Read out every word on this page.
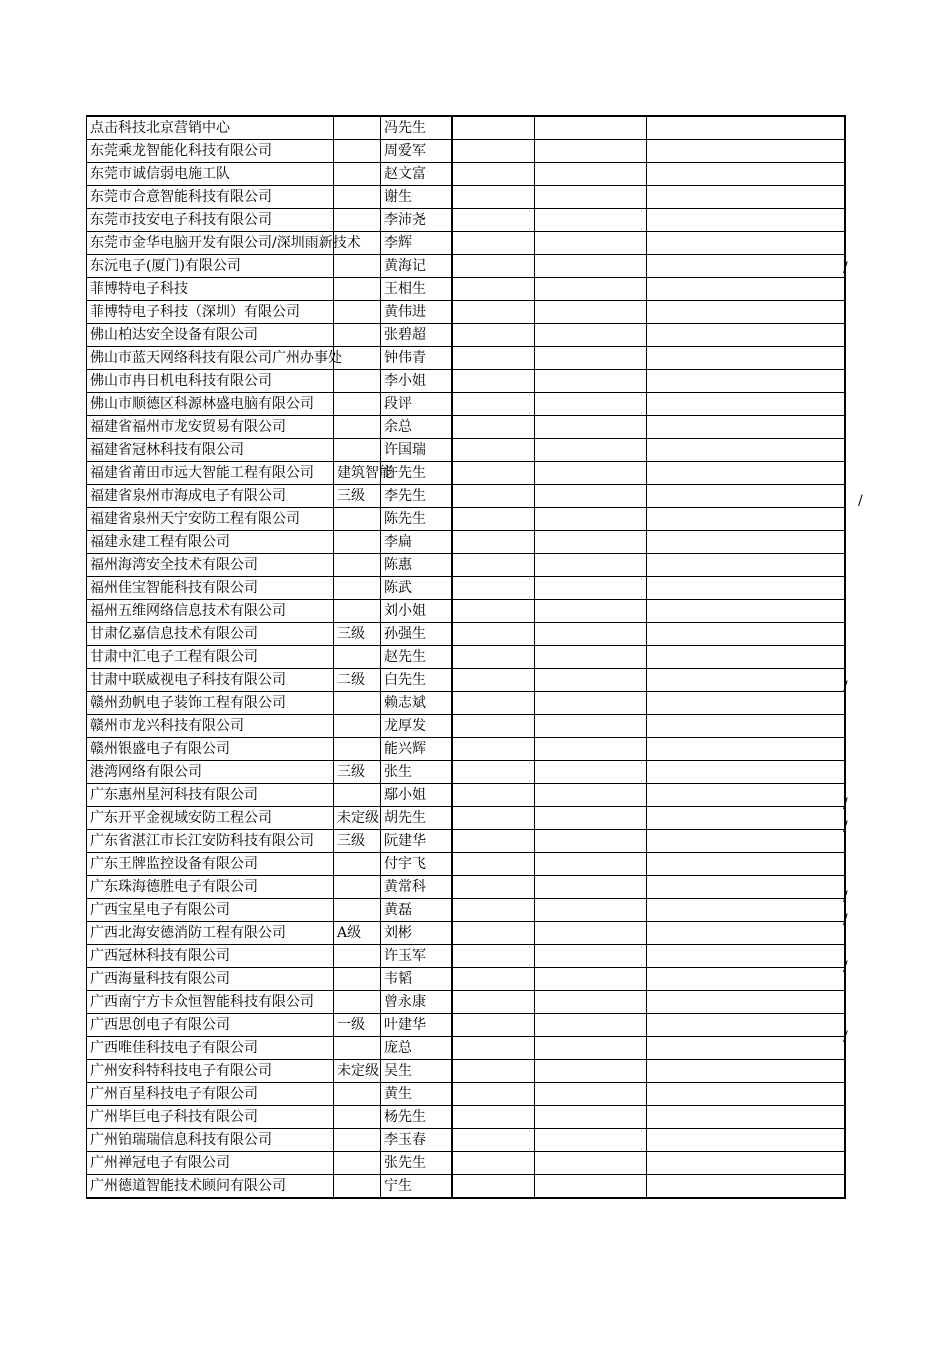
点击科技北京营销中心		冯先生			
东莞乘龙智能化科技有限公司		周爱军			
东莞市诚信弱电施工队		赵文富			
东莞市合意智能科技有限公司		谢生			
东莞市技安电子科技有限公司		李沛尧			
东莞市金华电脑开发有限公司/深圳雨新技术		李辉			
东沅电子(厦门)有限公司		黄海记			
菲博特电子科技		王相生			
菲博特电子科技（深圳）有限公司		黄伟进			
佛山柏达安全设备有限公司		张碧超			
佛山市蓝天网络科技有限公司广州办事处		钟伟青			
佛山市冉日机电科技有限公司		李小姐			
佛山市顺德区科源林盛电脑有限公司		段评			
福建省福州市龙安贸易有限公司		余总			
福建省冠林科技有限公司		许国瑞			
福建省莆田市远大智能工程有限公司	建筑智能	许先生			
福建省泉州市海成电子有限公司	三级	李先生			
福建省泉州天宁安防工程有限公司		陈先生			
福建永建工程有限公司		李扁			
福州海湾安全技术有限公司		陈惠			
福州佳宝智能科技有限公司		陈武			
福州五维网络信息技术有限公司		刘小姐			
甘肃亿嘉信息技术有限公司	三级	孙强生			
甘肃中汇电子工程有限公司		赵先生			
甘肃中联威视电子科技有限公司	二级	白先生			
赣州劲帆电子装饰工程有限公司		赖志斌			
赣州市龙兴科技有限公司		龙厚发			
赣州银盛电子有限公司		能兴辉			
港湾网络有限公司	三级	张生			
广东惠州星河科技有限公司		鄢小姐			
广东开平金视域安防工程公司	未定级	胡先生			
广东省湛江市长江安防科技有限公司	三级	阮建华			
广东王牌监控设备有限公司		付宇飞			
广东珠海德胜电子有限公司		黄常科			
广西宝星电子有限公司		黄磊			
广西北海安德消防工程有限公司	A级	刘彬			
广西冠林科技有限公司		许玉军			
广西海量科技有限公司		韦韬			
广西南宁方卡众恒智能科技有限公司		曾永康			
广西思创电子有限公司	一级	叶建华			
广西唯佳科技电子有限公司		庞总			
广州安科特科技电子有限公司	未定级	吴生			
广州百星科技电子有限公司		黄生			
广州毕巨电子科技有限公司		杨先生			
广州铂瑞瑞信息科技有限公司		李玉春			
广州禅冠电子有限公司		张先生			
广州德道智能技术顾问有限公司		宁生			
/
/
/
/
/
/
/
/
/
